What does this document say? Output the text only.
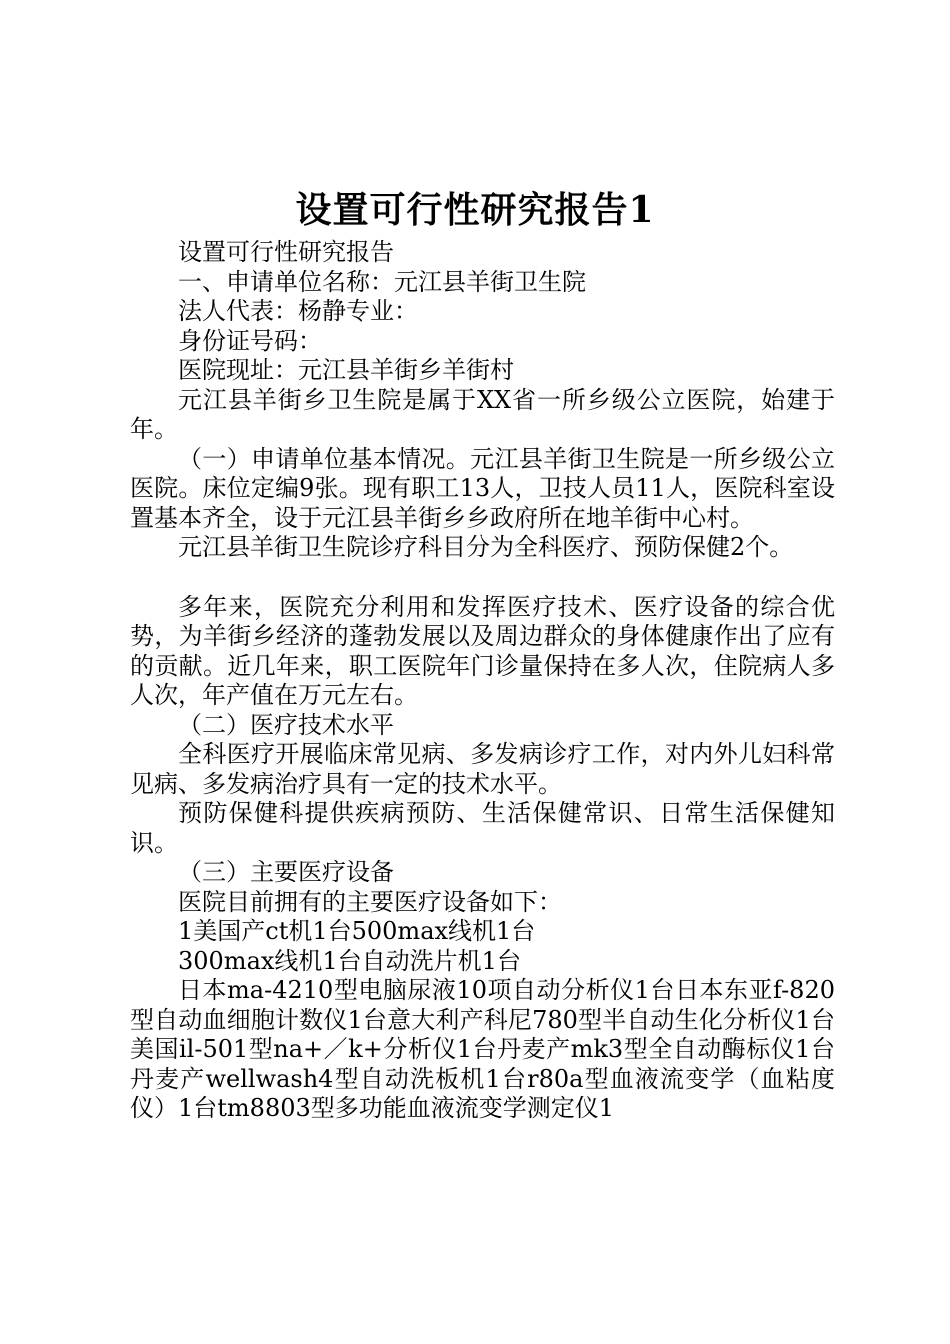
设置可行性研究报告1

设置可行性研究报告

一、申请单位名称：元江县羊街卫生院

法人代表：杨静专业：

身份证号码：

医院现址：元江县羊街乡羊街村

元江县羊街乡卫生院是属于XX省一所乡级公立医院，始建于年。

（一）申请单位基本情况。元江县羊街卫生院是一所乡级公立医院。床位定编9张。现有职工13人，卫技人员11人，医院科室设置基本齐全，设于元江县羊街乡乡政府所在地羊街中心村。

元江县羊街卫生院诊疗科目分为全科医疗、预防保健2个。

多年来，医院充分利用和发挥医疗技术、医疗设备的综合优势，为羊街乡经济的蓬勃发展以及周边群众的身体健康作出了应有的贡献。近几年来，职工医院年门诊量保持在多人次，住院病人多人次，年产值在万元左右。

（二）医疗技术水平

全科医疗开展临床常见病、多发病诊疗工作，对内外儿妇科常见病、多发病治疗具有一定的技术水平。

预防保健科提供疾病预防、生活保健常识、日常生活保健知识。

（三）主要医疗设备

医院目前拥有的主要医疗设备如下：

1美国产ct机1台500max线机1台

300max线机1台自动洗片机1台

日本ma-4210型电脑尿液10项自动分析仪1台日本东亚f-820型自动血细胞计数仪1台意大利产科尼780型半自动生化分析仪1台美国il-501型na+／k+分析仪1台丹麦产mk3型全自动酶标仪1台丹麦产wellwash4型自动洗板机1台r80a型血液流变学（血粘度仪）1台tm8803型多功能血液流变学测定仪1
